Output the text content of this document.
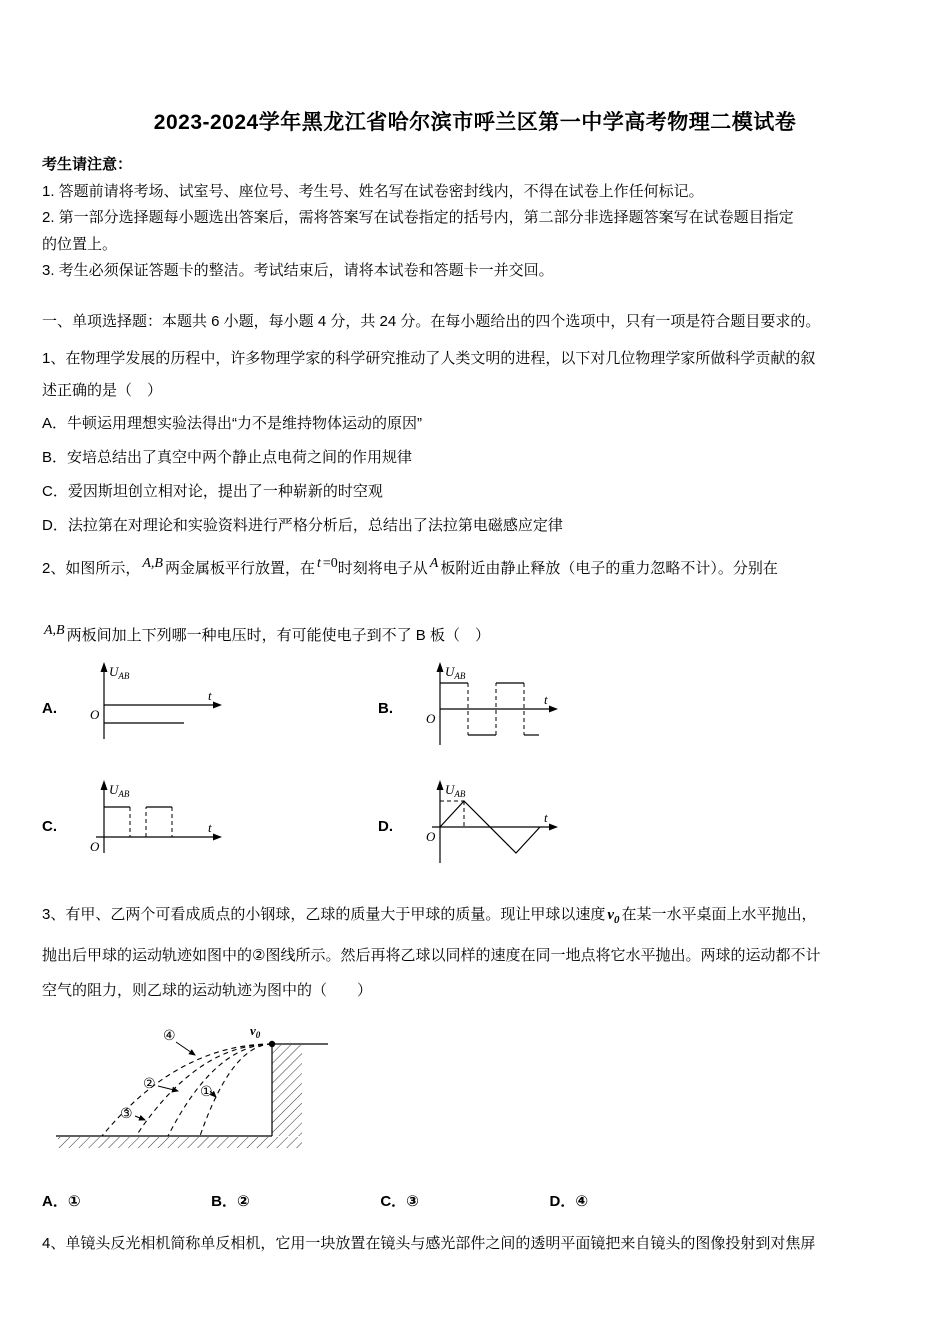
2023-2024学年黑龙江省哈尔滨市呼兰区第一中学高考物理二模试卷

考生请注意：

1. 答题前请将考场、试室号、座位号、考生号、姓名写在试卷密封线内，不得在试卷上作任何标记。

2. 第一部分选择题每小题选出答案后，需将答案写在试卷指定的括号内，第二部分非选择题答案写在试卷题目指定

的位置上。

3. 考生必须保证答题卡的整洁。考试结束后，请将本试卷和答题卡一并交回。

一、单项选择题：本题共 6 小题，每小题 4 分，共 24 分。在每小题给出的四个选项中，只有一项是符合题目要求的。

1、在物理学发展的历程中，许多物理学家的科学研究推动了人类文明的进程，以下对几位物理学家所做科学贡献的叙

述正确的是（　）

A．牛顿运用理想实验法得出“力不是维持物体运动的原因”

B．安培总结出了真空中两个静止点电荷之间的作用规律

C．爱因斯坦创立相对论，提出了一种崭新的时空观

D．法拉第在对理论和实验资料进行严格分析后，总结出了法拉第电磁感应定律

2、如图所示， A,B 两金属板平行放置，在 t =0时刻将电子从 A 板附近由静止释放（电子的重力忽略不计）。分别在

A,B 两板间加上下列哪一种电压时，有可能使电子到不了 B 板（　）

A.
$U_{AB}$
O
t
B.
$U_{AB}$
O
t
C.
$U_{AB}$
O
t	D.
$U_{AB}$
O
t

3、有甲、乙两个可看成质点的小钢球，乙球的质量大于甲球的质量。现让甲球以速度 $v_0$ 在某一水平桌面上水平抛出，

抛出后甲球的运动轨迹如图中的②图线所示。然后再将乙球以同样的速度在同一地点将它水平抛出。两球的运动都不计

空气的阻力，则乙球的运动轨迹为图中的（　　）

$v_0$
④
②	①
③

A．①	B．②	C．③	D．④

4、单镜头反光相机简称单反相机，它用一块放置在镜头与感光部件之间的透明平面镜把来自镜头的图像投射到对焦屏
